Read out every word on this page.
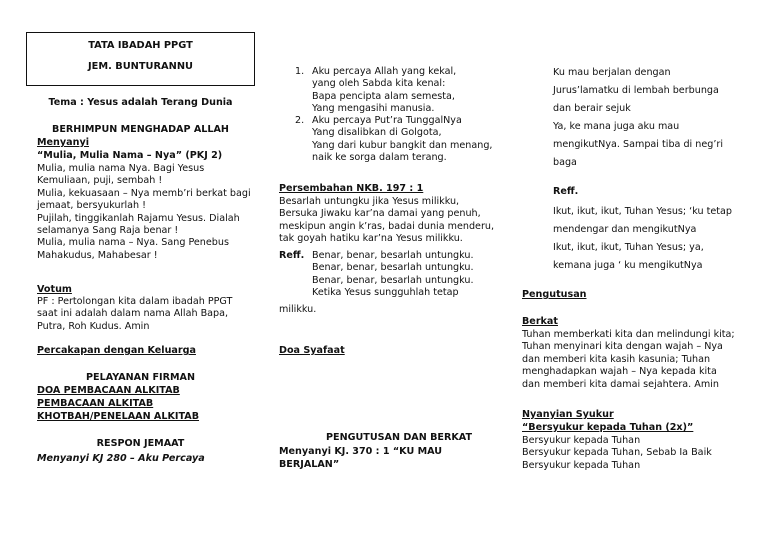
TATA IBADAH PPGT
JEM. BUNTURANNU
Tema : Yesus adalah Terang Dunia
BERHIMPUN MENGHADAP ALLAH
Menyanyi
“Mulia, Mulia Nama – Nya” (PKJ 2)
Mulia, mulia nama Nya. Bagi Yesus
Kemuliaan, puji, sembah !
Mulia, kekuasaan – Nya memb’ri berkat bagi
jemaat, bersyukurlah !
Pujilah, tinggikanlah Rajamu Yesus. Dialah
selamanya Sang Raja benar !
Mulia, mulia nama – Nya. Sang Penebus
Mahakudus, Mahabesar !
Votum
PF : Pertolongan kita dalam ibadah PPGT
saat ini adalah dalam nama Allah Bapa,
Putra, Roh Kudus. Amin
Percakapan dengan Keluarga
PELAYANAN FIRMAN
DOA PEMBACAAN ALKITAB
PEMBACAAN ALKITAB
KHOTBAH/PENELAAN ALKITAB
RESPON JEMAAT
Menyanyi KJ 280 – Aku Percaya
1. Aku percaya Allah yang kekal,
yang oleh Sabda kita kenal:
Bapa pencipta alam semesta,
Yang mengasihi manusia.
2. Aku percaya Put’ra TunggalNya
Yang disalibkan di Golgota,
Yang dari kubur bangkit dan menang,
naik ke sorga dalam terang.
Persembahan NKB. 197 : 1
Besarlah untungku jika Yesus milikku,
Bersuka Jiwaku kar’na damai yang penuh,
meskipun angin k’ras, badai dunia menderu,
tak goyah hatiku kar’na Yesus milikku.
Reff. Benar, benar, besarlah untungku.
Benar, benar, besarlah untungku.
Benar, benar, besarlah untungku.
Ketika Yesus sungguhlah tetap
milikku.
Doa Syafaat
PENGUTUSAN DAN BERKAT
Menyanyi KJ. 370 : 1 “KU MAU
BERJALAN”
Ku mau berjalan dengan
Jurus’lamatku di lembah berbunga
dan berair sejuk
Ya, ke mana juga aku mau
mengikutNya. Sampai tiba di neg’ri
baga
Reff.
Ikut, ikut, ikut, Tuhan Yesus; ‘ku tetap
mendengar dan mengikutNya
Ikut, ikut, ikut, Tuhan Yesus; ya,
kemana juga ‘ ku mengikutNya
Pengutusan
Berkat
Tuhan memberkati kita dan melindungi kita;
Tuhan menyinari kita dengan wajah – Nya
dan memberi kita kasih kasunia; Tuhan
menghadapkan wajah – Nya kepada kita
dan memberi kita damai sejahtera. Amin
Nyanyian Syukur
“Bersyukur kepada Tuhan (2x)”
Bersyukur kepada Tuhan
Bersyukur kepada Tuhan, Sebab Ia Baik
Bersyukur kepada Tuhan
